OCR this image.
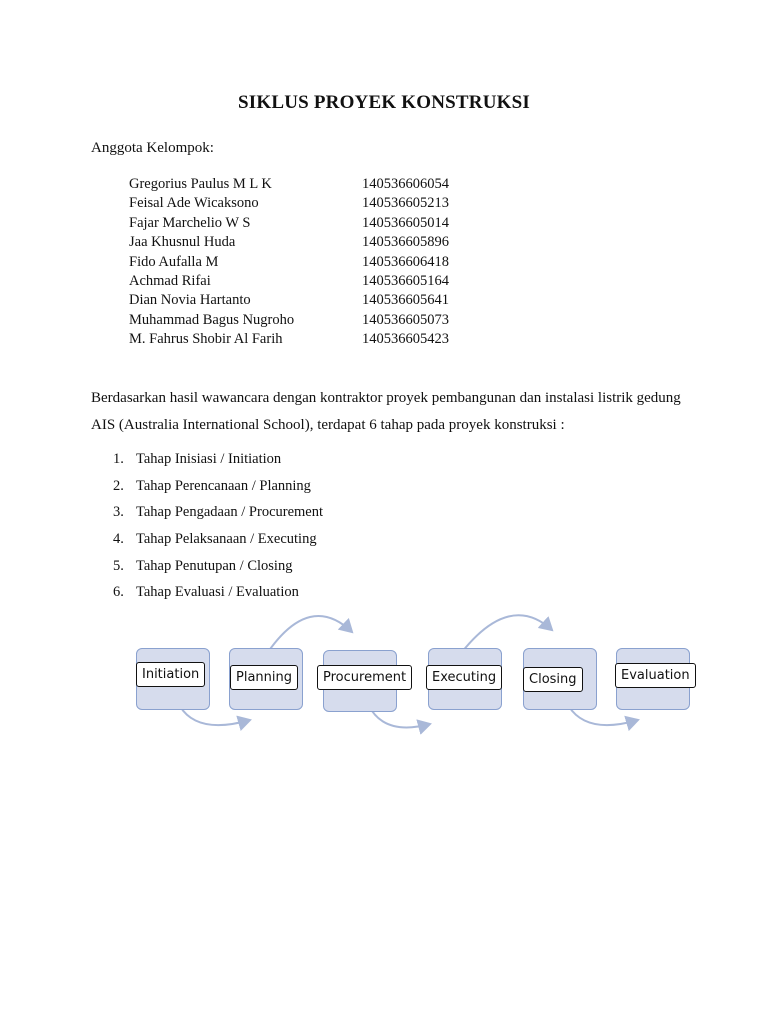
SIKLUS PROYEK KONSTRUKSI
Anggota Kelompok:
Gregorius Paulus M L K	140536606054
Feisal Ade Wicaksono	140536605213
Fajar Marchelio W S	140536605014
Jaa Khusnul Huda	140536605896
Fido Aufalla M	140536606418
Achmad Rifai	140536605164
Dian Novia Hartanto	140536605641
Muhammad Bagus Nugroho	140536605073
M. Fahrus Shobir Al Farih	140536605423
Berdasarkan hasil wawancara dengan kontraktor proyek pembangunan dan instalasi listrik gedung
AIS (Australia International School), terdapat 6 tahap pada proyek konstruksi :
1. Tahap Inisiasi / Initiation
2. Tahap Perencanaan / Planning
3. Tahap Pengadaan / Procurement
4. Tahap Pelaksanaan / Executing
5. Tahap Penutupan / Closing
6. Tahap Evaluasi / Evaluation
Initiation	Planning	Procurement	Executing	Closing	Evaluation
